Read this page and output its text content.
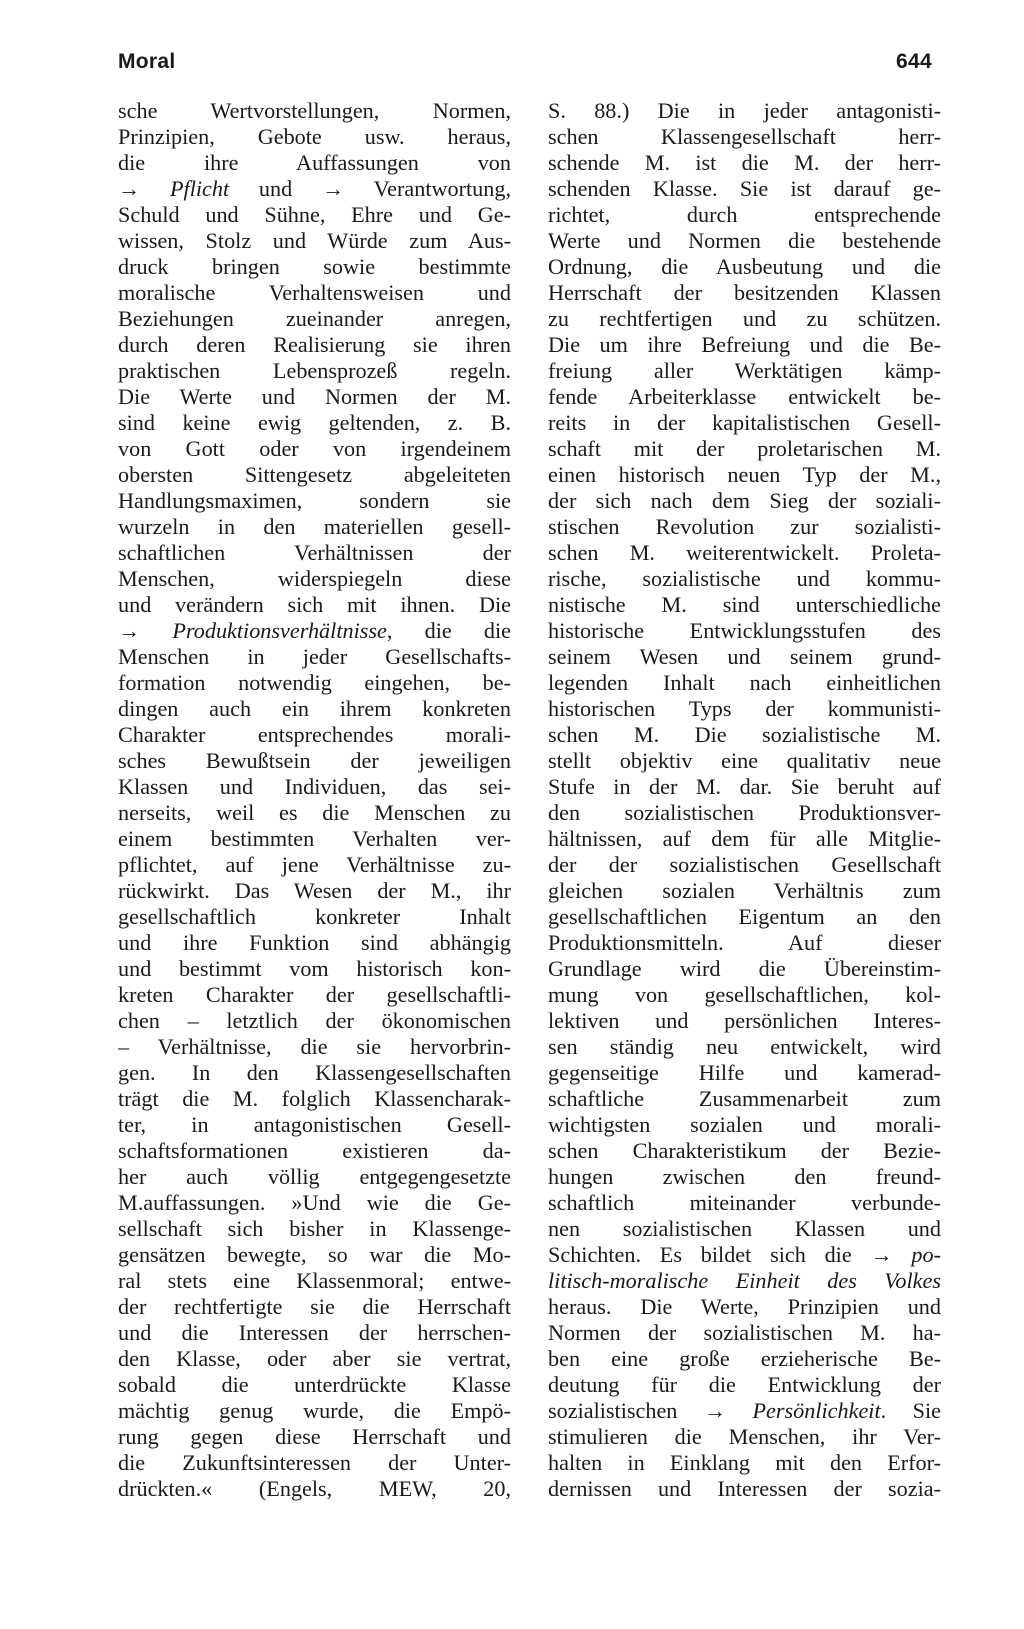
Moral	644
sche Wertvorstellungen, Normen,
Prinzipien, Gebote usw. heraus,
die ihre Auffassungen von
→ Pflicht und → Verantwortung,
Schuld und Sühne, Ehre und Ge-
wissen, Stolz und Würde zum Aus-
druck bringen sowie bestimmte
moralische Verhaltensweisen und
Beziehungen zueinander anregen,
durch deren Realisierung sie ihren
praktischen Lebensprozeß regeln.
Die Werte und Normen der M.
sind keine ewig geltenden, z. B.
von Gott oder von irgendeinem
obersten Sittengesetz abgeleiteten
Handlungsmaximen, sondern sie
wurzeln in den materiellen gesell-
schaftlichen Verhältnissen der
Menschen, widerspiegeln diese
und verändern sich mit ihnen. Die
→ Produktionsverhältnisse, die die
Menschen in jeder Gesellschafts-
formation notwendig eingehen, be-
dingen auch ein ihrem konkreten
Charakter entsprechendes morali-
sches Bewußtsein der jeweiligen
Klassen und Individuen, das sei-
nerseits, weil es die Menschen zu
einem bestimmten Verhalten ver-
pflichtet, auf jene Verhältnisse zu-
rückwirkt. Das Wesen der M., ihr
gesellschaftlich konkreter Inhalt
und ihre Funktion sind abhängig
und bestimmt vom historisch kon-
kreten Charakter der gesellschaftli-
chen – letztlich der ökonomischen
– Verhältnisse, die sie hervorbrin-
gen. In den Klassengesellschaften
trägt die M. folglich Klassencharak-
ter, in antagonistischen Gesell-
schaftsformationen existieren da-
her auch völlig entgegengesetzte
M.auffassungen. »Und wie die Ge-
sellschaft sich bisher in Klassenge-
gensätzen bewegte, so war die Mo-
ral stets eine Klassenmoral; entwe-
der rechtfertigte sie die Herrschaft
und die Interessen der herrschen-
den Klasse, oder aber sie vertrat,
sobald die unterdrückte Klasse
mächtig genug wurde, die Empö-
rung gegen diese Herrschaft und
die Zukunftsinteressen der Unter-
drückten.« (Engels, MEW, 20,
S. 88.) Die in jeder antagonisti-
schen Klassengesellschaft herr-
schende M. ist die M. der herr-
schenden Klasse. Sie ist darauf ge-
richtet, durch entsprechende
Werte und Normen die bestehende
Ordnung, die Ausbeutung und die
Herrschaft der besitzenden Klassen
zu rechtfertigen und zu schützen.
Die um ihre Befreiung und die Be-
freiung aller Werktätigen kämp-
fende Arbeiterklasse entwickelt be-
reits in der kapitalistischen Gesell-
schaft mit der proletarischen M.
einen historisch neuen Typ der M.,
der sich nach dem Sieg der soziali-
stischen Revolution zur sozialisti-
schen M. weiterentwickelt. Proleta-
rische, sozialistische und kommu-
nistische M. sind unterschiedliche
historische Entwicklungsstufen des
seinem Wesen und seinem grund-
legenden Inhalt nach einheitlichen
historischen Typs der kommunisti-
schen M. Die sozialistische M.
stellt objektiv eine qualitativ neue
Stufe in der M. dar. Sie beruht auf
den sozialistischen Produktionsver-
hältnissen, auf dem für alle Mitglie-
der der sozialistischen Gesellschaft
gleichen sozialen Verhältnis zum
gesellschaftlichen Eigentum an den
Produktionsmitteln. Auf dieser
Grundlage wird die Übereinstim-
mung von gesellschaftlichen, kol-
lektiven und persönlichen Interes-
sen ständig neu entwickelt, wird
gegenseitige Hilfe und kamerad-
schaftliche Zusammenarbeit zum
wichtigsten sozialen und morali-
schen Charakteristikum der Bezie-
hungen zwischen den freund-
schaftlich miteinander verbunde-
nen sozialistischen Klassen und
Schichten. Es bildet sich die → po-
litisch-moralische Einheit des Volkes
heraus. Die Werte, Prinzipien und
Normen der sozialistischen M. ha-
ben eine große erzieherische Be-
deutung für die Entwicklung der
sozialistischen → Persönlichkeit. Sie
stimulieren die Menschen, ihr Ver-
halten in Einklang mit den Erfor-
dernissen und Interessen der sozia-
